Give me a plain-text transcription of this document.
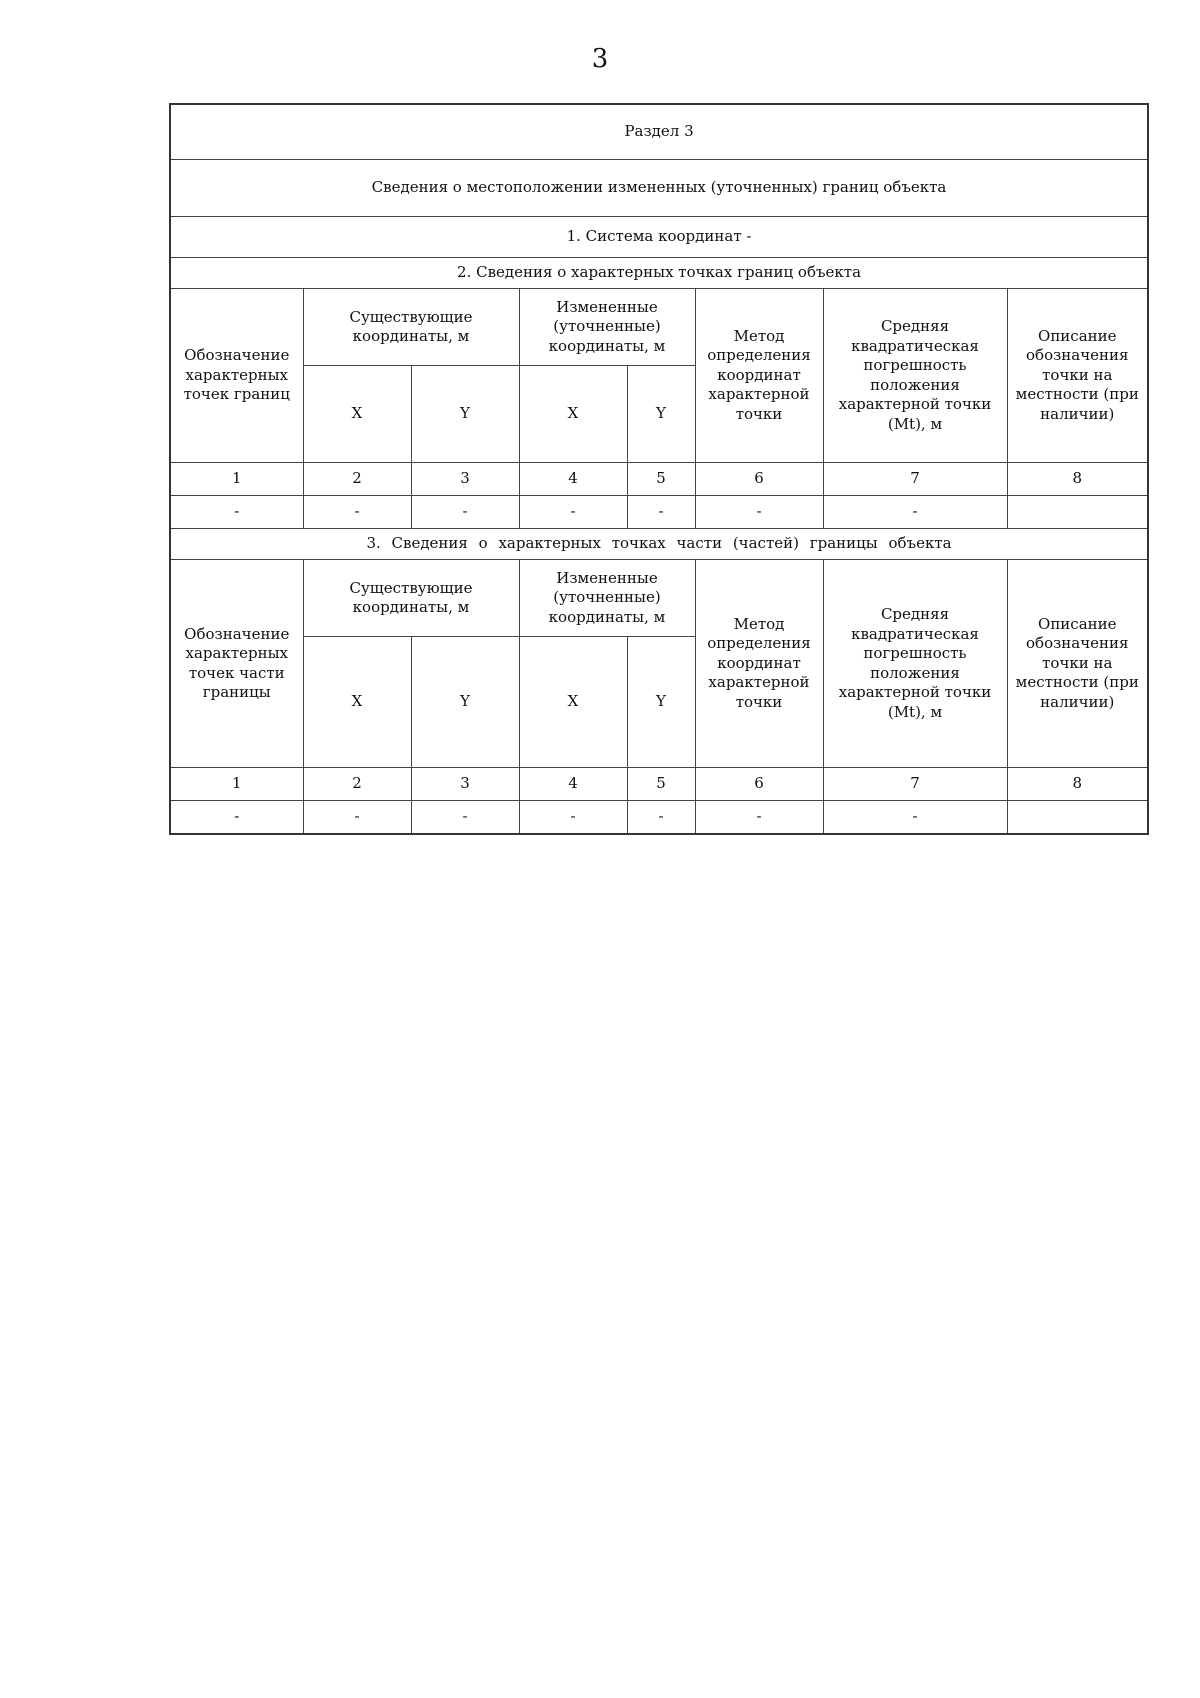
3
Раздел 3							
Сведения о местоположении измененных (уточненных) границ объекта							
1. Система координат -							
2. Сведения о характерных точках границ объекта							
Обозначение характерных точек границ	Существующие координаты, м		Измененные (уточненные) координаты, м		Метод определения координат характерной точки	Средняя квадратическая погрешность положения характерной точки (Mt), м	Описание обозначения точки на местности (при наличии)
	X	Y	X	Y			
1	2	3	4	5	6	7	8
-	-	-	-	-	-	-	
3. Сведения о характерных точках части (частей) границы объекта							
Обозначение характерных точек части границы	Существующие координаты, м		Измененные (уточненные) координаты, м		Метод определения координат характерной точки	Средняя квадратическая погрешность положения характерной точки (Mt), м	Описание обозначения точки на местности (при наличии)
	X	Y	X	Y			
1	2	3	4	5	6	7	8
-	-	-	-	-	-	-	
